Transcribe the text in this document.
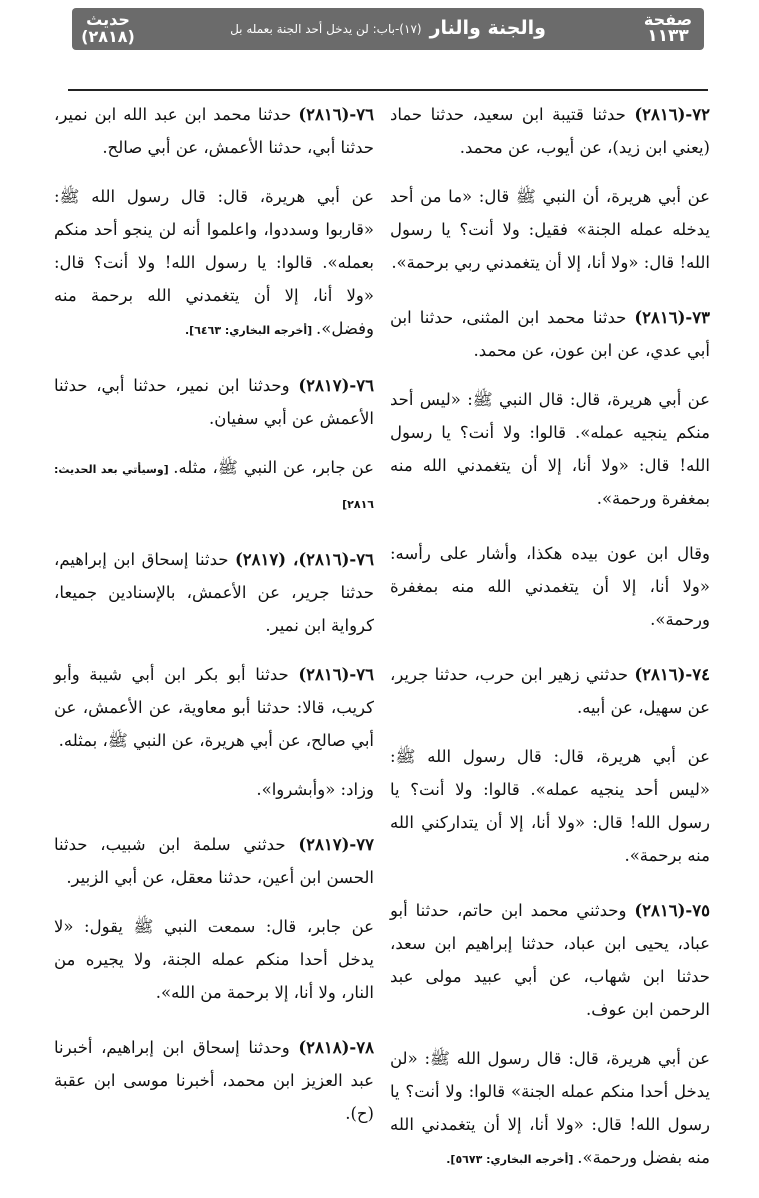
حديث
(٢٨١٨)	والجنة والنار
(١٧)-باب: لن يدخل أحد الجنة بعمله بل
صفحة
١١٣٣

٧٢-(٢٨١٦) حدثنا قتيبة ابن سعيد، حدثنا حماد (يعني ابن زيد)، عن أيوب، عن محمد.

عن أبي هريرة، أن النبي ﷺ قال: «ما من أحد يدخله عمله الجنة» فقيل: ولا أنت؟ يا رسول الله! قال: «ولا أنا، إلا أن يتغمدني ربي برحمة».

٧٣-(٢٨١٦) حدثنا محمد ابن المثنى، حدثنا ابن أبي عدي، عن ابن عون، عن محمد.

عن أبي هريرة، قال: قال النبي ﷺ: «ليس أحد منكم ينجيه عمله». قالوا: ولا أنت؟ يا رسول الله! قال: «ولا أنا، إلا أن يتغمدني الله منه بمغفرة ورحمة».

وقال ابن عون بيده هكذا، وأشار على رأسه: «ولا أنا، إلا أن يتغمدني الله منه بمغفرة ورحمة».

٧٤-(٢٨١٦) حدثني زهير ابن حرب، حدثنا جرير، عن سهيل، عن أبيه.

عن أبي هريرة، قال: قال رسول الله ﷺ: «ليس أحد ينجيه عمله». قالوا: ولا أنت؟ يا رسول الله! قال: «ولا أنا، إلا أن يتداركني الله منه برحمة».

٧٥-(٢٨١٦) وحدثني محمد ابن حاتم، حدثنا أبو عباد، يحيى ابن عباد، حدثنا إبراهيم ابن سعد، حدثنا ابن شهاب، عن أبي عبيد مولى عبد الرحمن ابن عوف.

عن أبي هريرة، قال: قال رسول الله ﷺ: «لن يدخل أحدا منكم عمله الجنة» قالوا: ولا أنت؟ يا رسول الله! قال: «ولا أنا، إلا أن يتغمدني الله منه بفضل ورحمة». [أخرجه البخاري: ٥٦٧٣].

٧٦-(٢٨١٦) حدثنا محمد ابن عبد الله ابن نمير، حدثنا أبي، حدثنا الأعمش، عن أبي صالح.

عن أبي هريرة، قال: قال رسول الله ﷺ: «قاربوا وسددوا، واعلموا أنه لن ينجو أحد منكم بعمله». قالوا: يا رسول الله! ولا أنت؟ قال: «ولا أنا، إلا أن يتغمدني الله برحمة منه وفضل». [أخرجه البخاري: ٦٤٦٣].

٧٦-(٢٨١٧) وحدثنا ابن نمير، حدثنا أبي، حدثنا الأعمش عن أبي سفيان.

عن جابر، عن النبي ﷺ، مثله. [وسيأتي بعد الحديث: ٢٨١٦]

٧٦-(٢٨١٦)، (٢٨١٧) حدثنا إسحاق ابن إبراهيم، حدثنا جرير، عن الأعمش، بالإسنادين جميعا، كرواية ابن نمير.

٧٦-(٢٨١٦) حدثنا أبو بكر ابن أبي شيبة وأبو كريب، قالا: حدثنا أبو معاوية، عن الأعمش، عن أبي صالح، عن أبي هريرة، عن النبي ﷺ، بمثله.

وزاد: «وأبشروا».

٧٧-(٢٨١٧) حدثني سلمة ابن شبيب، حدثنا الحسن ابن أعين، حدثنا معقل، عن أبي الزبير.

عن جابر، قال: سمعت النبي ﷺ يقول: «لا يدخل أحدا منكم عمله الجنة، ولا يجيره من النار، ولا أنا، إلا برحمة من الله».

٧٨-(٢٨١٨) وحدثنا إسحاق ابن إبراهيم، أخبرنا عبد العزيز ابن محمد، أخبرنا موسى ابن عقبة (ح).
